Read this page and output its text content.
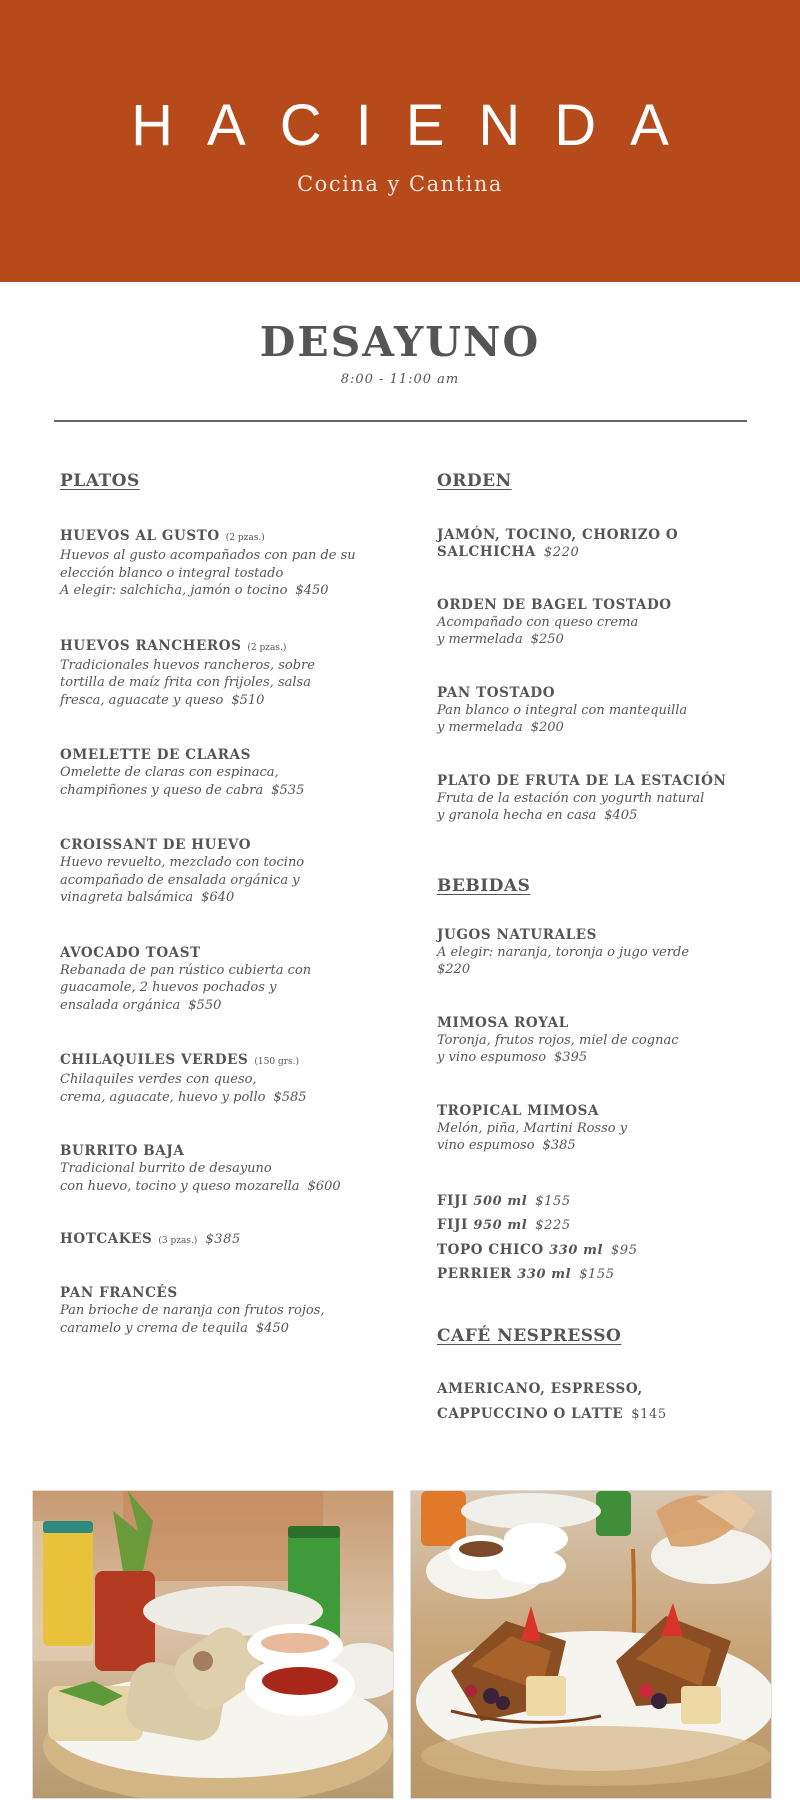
HACIENDA
Cocina y Cantina
DESAYUNO
8:00 - 11:00 am

PLATOS

HUEVOS AL GUSTO (2 pzas.)
Huevos al gusto acompañados con pan de su
elección blanco o integral tostado
A elegir: salchicha, jamón o tocino $450
HUEVOS RANCHEROS (2 pzas.)
Tradicionales huevos rancheros, sobre
tortilla de maíz frita con frijoles, salsa
fresca, aguacate y queso $510
OMELETTE DE CLARAS
Omelette de claras con espinaca,
champiñones y queso de cabra $535
CROISSANT DE HUEVO
Huevo revuelto, mezclado con tocino
acompañado de ensalada orgánica y
vinagreta balsámica $640
AVOCADO TOAST
Rebanada de pan rústico cubierta con
guacamole, 2 huevos pochados y
ensalada orgánica $550
CHILAQUILES VERDES (150 grs.)
Chilaquiles verdes con queso,
crema, aguacate, huevo y pollo $585
BURRITO BAJA
Tradicional burrito de desayuno
con huevo, tocino y queso mozarella $600
HOTCAKES (3 pzas.) $385
PAN FRANCÉS
Pan brioche de naranja con frutos rojos,
caramelo y crema de tequila $450

ORDEN

JAMÓN, TOCINO, CHORIZO O
SALCHICHA $220
ORDEN DE BAGEL TOSTADO
Acompañado con queso crema
y mermelada $250
PAN TOSTADO
Pan blanco o integral con mantequilla
y mermelada $200
PLATO DE FRUTA DE LA ESTACIÓN
Fruta de la estación con yogurth natural
y granola hecha en casa $405

BEBIDAS

JUGOS NATURALES
A elegir: naranja, toronja o jugo verde
$220
MIMOSA ROYAL
Toronja, frutos rojos, miel de cognac
y vino espumoso $395
TROPICAL MIMOSA
Melón, piña, Martini Rosso y
vino espumoso $385
FIJI 500 ml $155
FIJI 950 ml $225
TOPO CHICO 330 ml $95
PERRIER 330 ml $155

CAFÉ NESPRESSO

AMERICANO, ESPRESSO,
CAPPUCCINO O LATTE $145
